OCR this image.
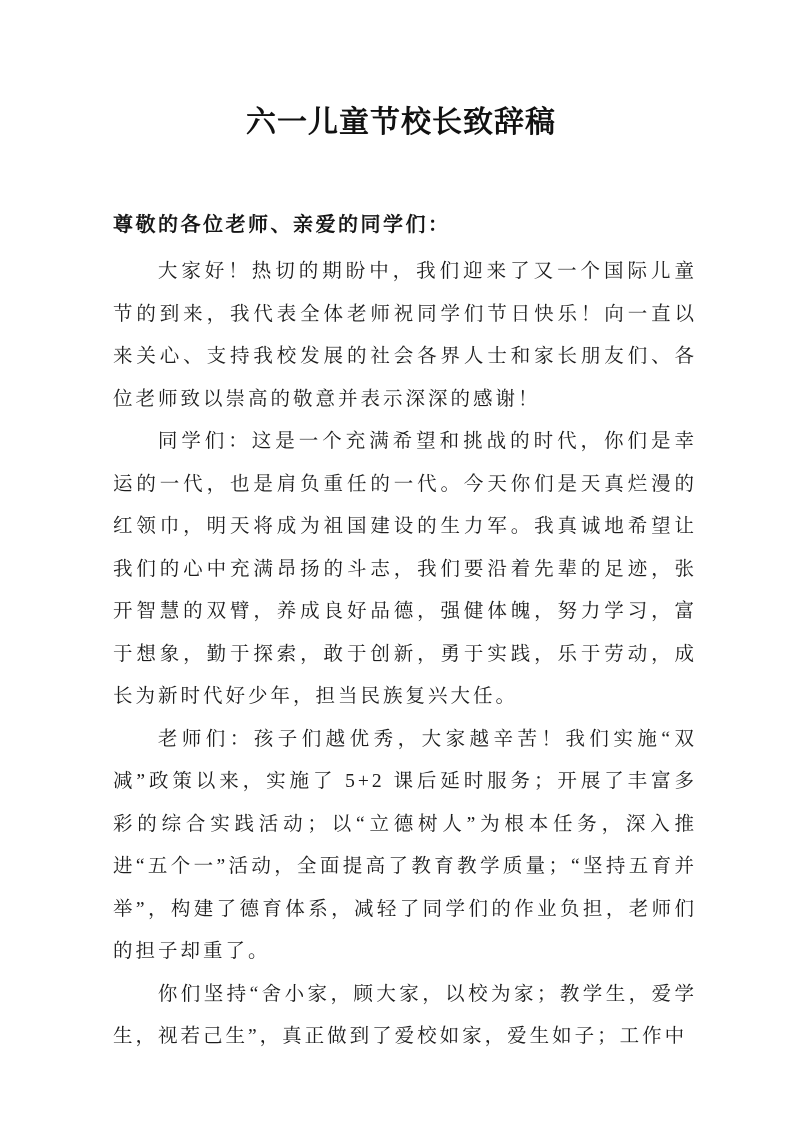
六一儿童节校长致辞稿
尊敬的各位老师、亲爱的同学们：

大家好！热切的期盼中，我们迎来了又一个国际儿童节的到来，我代表全体老师祝同学们节日快乐！向一直以来关心、支持我校发展的社会各界人士和家长朋友们、各位老师致以崇高的敬意并表示深深的感谢！

同学们：这是一个充满希望和挑战的时代，你们是幸运的一代，也是肩负重任的一代。今天你们是天真烂漫的红领巾，明天将成为祖国建设的生力军。我真诚地希望让我们的心中充满昂扬的斗志，我们要沿着先辈的足迹，张开智慧的双臂，养成良好品德，强健体魄，努力学习，富于想象，勤于探索，敢于创新，勇于实践，乐于劳动，成长为新时代好少年，担当民族复兴大任。

老师们：孩子们越优秀，大家越辛苦！我们实施“双减”政策以来，实施了 5+2 课后延时服务；开展了丰富多彩的综合实践活动；以“立德树人”为根本任务，深入推进“五个一”活动，全面提高了教育教学质量；“坚持五育并举”，构建了德育体系，减轻了同学们的作业负担，老师们的担子却重了。

你们坚持“舍小家，顾大家，以校为家；教学生，爱学生，视若己生”，真正做到了爱校如家，爱生如子；工作中
